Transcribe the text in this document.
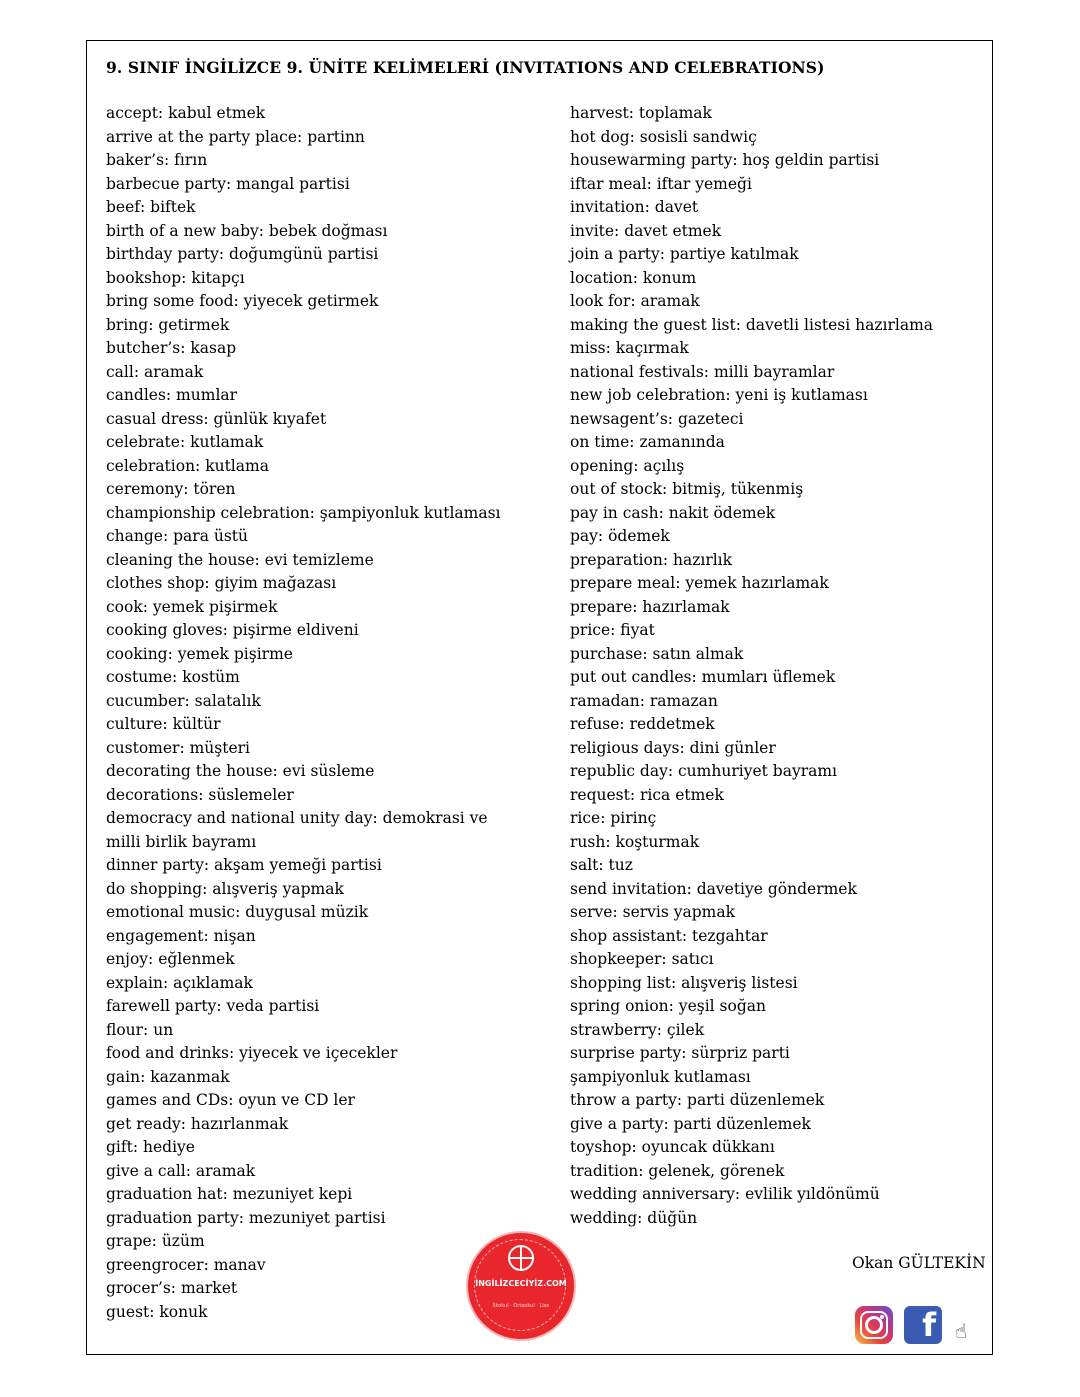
9. SINIF İNGİLİZCE 9. ÜNİTE KELİMELERİ (INVITATIONS AND CELEBRATIONS)
accept: kabul etmek
arrive at the party place: partinn
baker’s: fırın
barbecue party: mangal partisi
beef: biftek
birth of a new baby: bebek doğması
birthday party: doğumgünü partisi
bookshop: kitapçı
bring some food: yiyecek getirmek
bring: getirmek
butcher’s: kasap
call: aramak
candles: mumlar
casual dress: günlük kıyafet
celebrate: kutlamak
celebration: kutlama
ceremony: tören
championship celebration: şampiyonluk kutlaması
change: para üstü
cleaning the house: evi temizleme
clothes shop: giyim mağazası
cook: yemek pişirmek
cooking gloves: pişirme eldiveni
cooking: yemek pişirme
costume: kostüm
cucumber: salatalık
culture: kültür
customer: müşteri
decorating the house: evi süsleme
decorations: süslemeler
democracy and national unity day: demokrasi ve milli birlik bayramı
dinner party: akşam yemeği partisi
do shopping: alışveriş yapmak
emotional music: duygusal müzik
engagement: nişan
enjoy: eğlenmek
explain: açıklamak
farewell party: veda partisi
flour: un
food and drinks: yiyecek ve içecekler
gain: kazanmak
games and CDs: oyun ve CD ler
get ready: hazırlanmak
gift: hediye
give a call: aramak
graduation hat: mezuniyet kepi
graduation party: mezuniyet partisi
grape: üzüm
greengrocer: manav
grocer’s: market
guest: konuk
harvest: toplamak
hot dog: sosisli sandwiç
housewarming party: hoş geldin partisi
iftar meal: iftar yemeği
invitation: davet
invite: davet etmek
join a party: partiye katılmak
location: konum
look for: aramak
making the guest list: davetli listesi hazırlama
miss: kaçırmak
national festivals: milli bayramlar
new job celebration: yeni iş kutlaması
newsagent’s: gazeteci
on time: zamanında
opening: açılış
out of stock: bitmiş, tükenmiş
pay in cash: nakit ödemek
pay: ödemek
preparation: hazırlık
prepare meal: yemek hazırlamak
prepare: hazırlamak
price: fiyat
purchase: satın almak
put out candles: mumları üflemek
ramadan: ramazan
refuse: reddetmek
religious days: dini günler
republic day: cumhuriyet bayramı
request: rica etmek
rice: pirinç
rush: koşturmak
salt: tuz
send invitation: davetiye göndermek
serve: servis yapmak
shop assistant: tezgahtar
shopkeeper: satıcı
shopping list: alışveriş listesi
spring onion: yeşil soğan
strawberry: çilek
surprise party: sürpriz parti
şampiyonluk kutlaması
throw a party: parti düzenlemek
give a party: parti düzenlemek
toyshop: oyuncak dükkanı
tradition: gelenek, görenek
wedding anniversary: evlilik yıldönümü
wedding: düğün
Okan GÜLTEKİN
İNGİLİZCECİYİZ.COM
İlkokul · Ortaokul · Lise	f ☝
